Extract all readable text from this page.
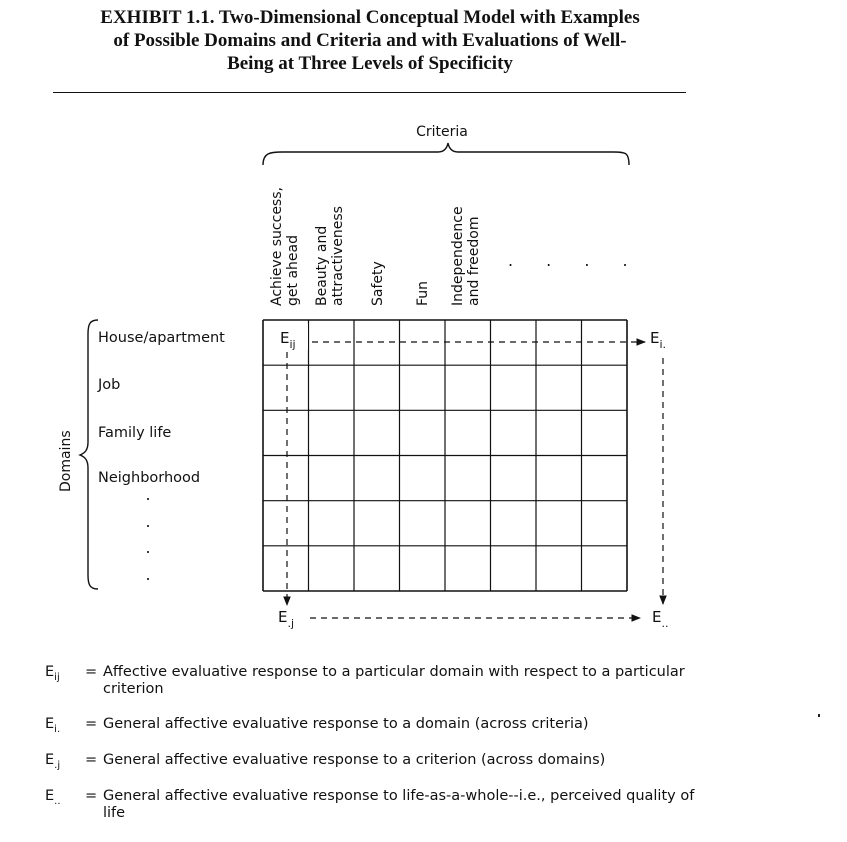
EXHIBIT 1.1. Two-Dimensional Conceptual Model with Examples
of Possible Domains and Criteria and with Evaluations of Well-
Being at Three Levels of Specificity
Criteria
Achieve success, get ahead Beauty and attractiveness Safety Fun Independence and freedom . . . .
Domains
House/apartment
Job
Family life
Neighborhood
.
.
.
.
$E_{ij}$	$E_{i.}$
$E_{.j}$	$E_{..}$
$E_{ij}$	= Affective evaluative response to a particular domain with respect to a particular criterion
$E_{i.}$	= General affective evaluative response to a domain (across criteria)
$E_{.j}$	= General affective evaluative response to a criterion (across domains)
$E_{..}$	= General affective evaluative response to life-as-a-whole--i.e., perceived quality of life
